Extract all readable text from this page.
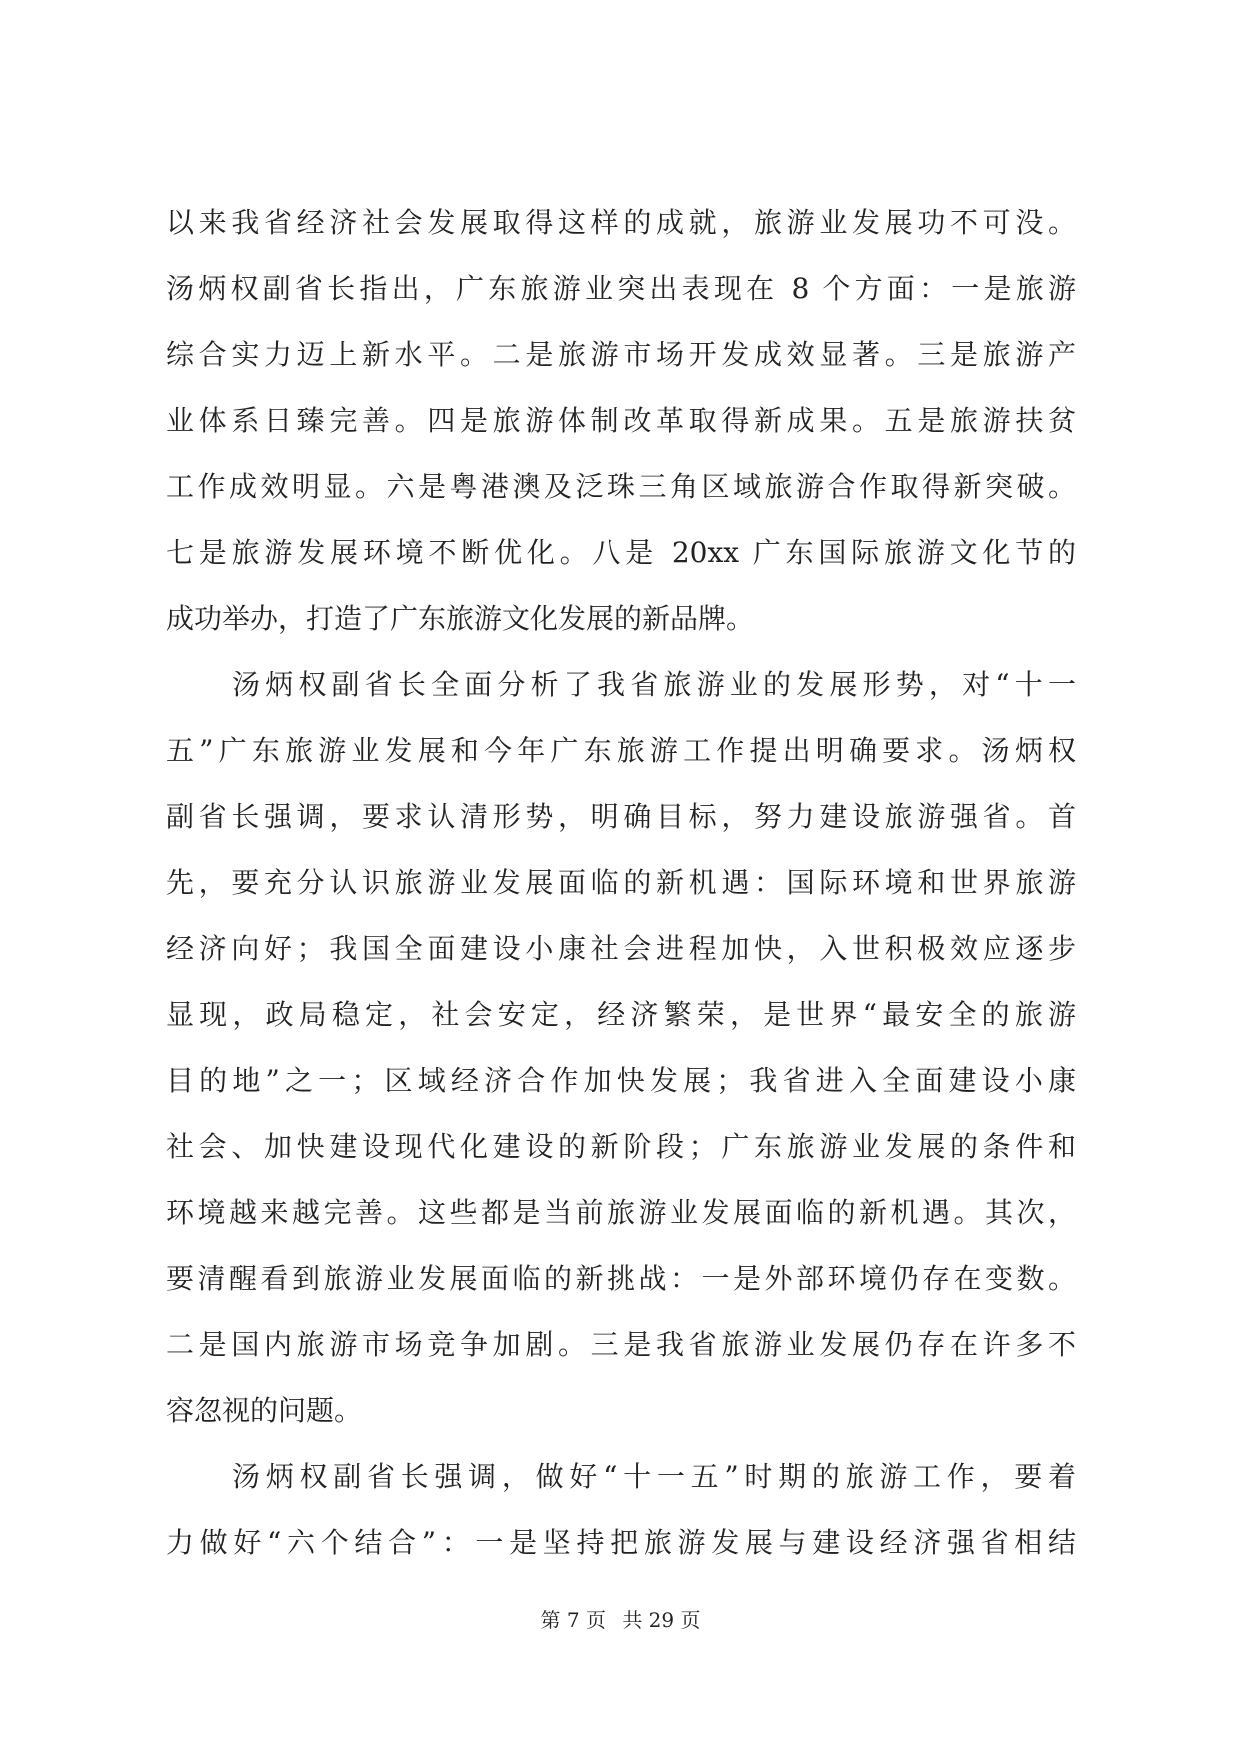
以来我省经济社会发展取得这样的成就，旅游业发展功不可没。
汤炳权副省长指出，广东旅游业突出表现在 8 个方面：一是旅游
综合实力迈上新水平。二是旅游市场开发成效显著。三是旅游产
业体系日臻完善。四是旅游体制改革取得新成果。五是旅游扶贫
工作成效明显。六是粤港澳及泛珠三角区域旅游合作取得新突破。
七是旅游发展环境不断优化。八是 20xx 广东国际旅游文化节的
成功举办，打造了广东旅游文化发展的新品牌。
汤炳权副省长全面分析了我省旅游业的发展形势，对“十一
五”广东旅游业发展和今年广东旅游工作提出明确要求。汤炳权
副省长强调，要求认清形势，明确目标，努力建设旅游强省。首
先，要充分认识旅游业发展面临的新机遇：国际环境和世界旅游
经济向好；我国全面建设小康社会进程加快，入世积极效应逐步
显现，政局稳定，社会安定，经济繁荣，是世界“最安全的旅游
目的地”之一；区域经济合作加快发展；我省进入全面建设小康
社会、加快建设现代化建设的新阶段；广东旅游业发展的条件和
环境越来越完善。这些都是当前旅游业发展面临的新机遇。其次，
要清醒看到旅游业发展面临的新挑战：一是外部环境仍存在变数。
二是国内旅游市场竞争加剧。三是我省旅游业发展仍存在许多不
容忽视的问题。
汤炳权副省长强调，做好“十一五”时期的旅游工作，要着
力做好“六个结合”：一是坚持把旅游发展与建设经济强省相结
第 7 页 共 29 页
